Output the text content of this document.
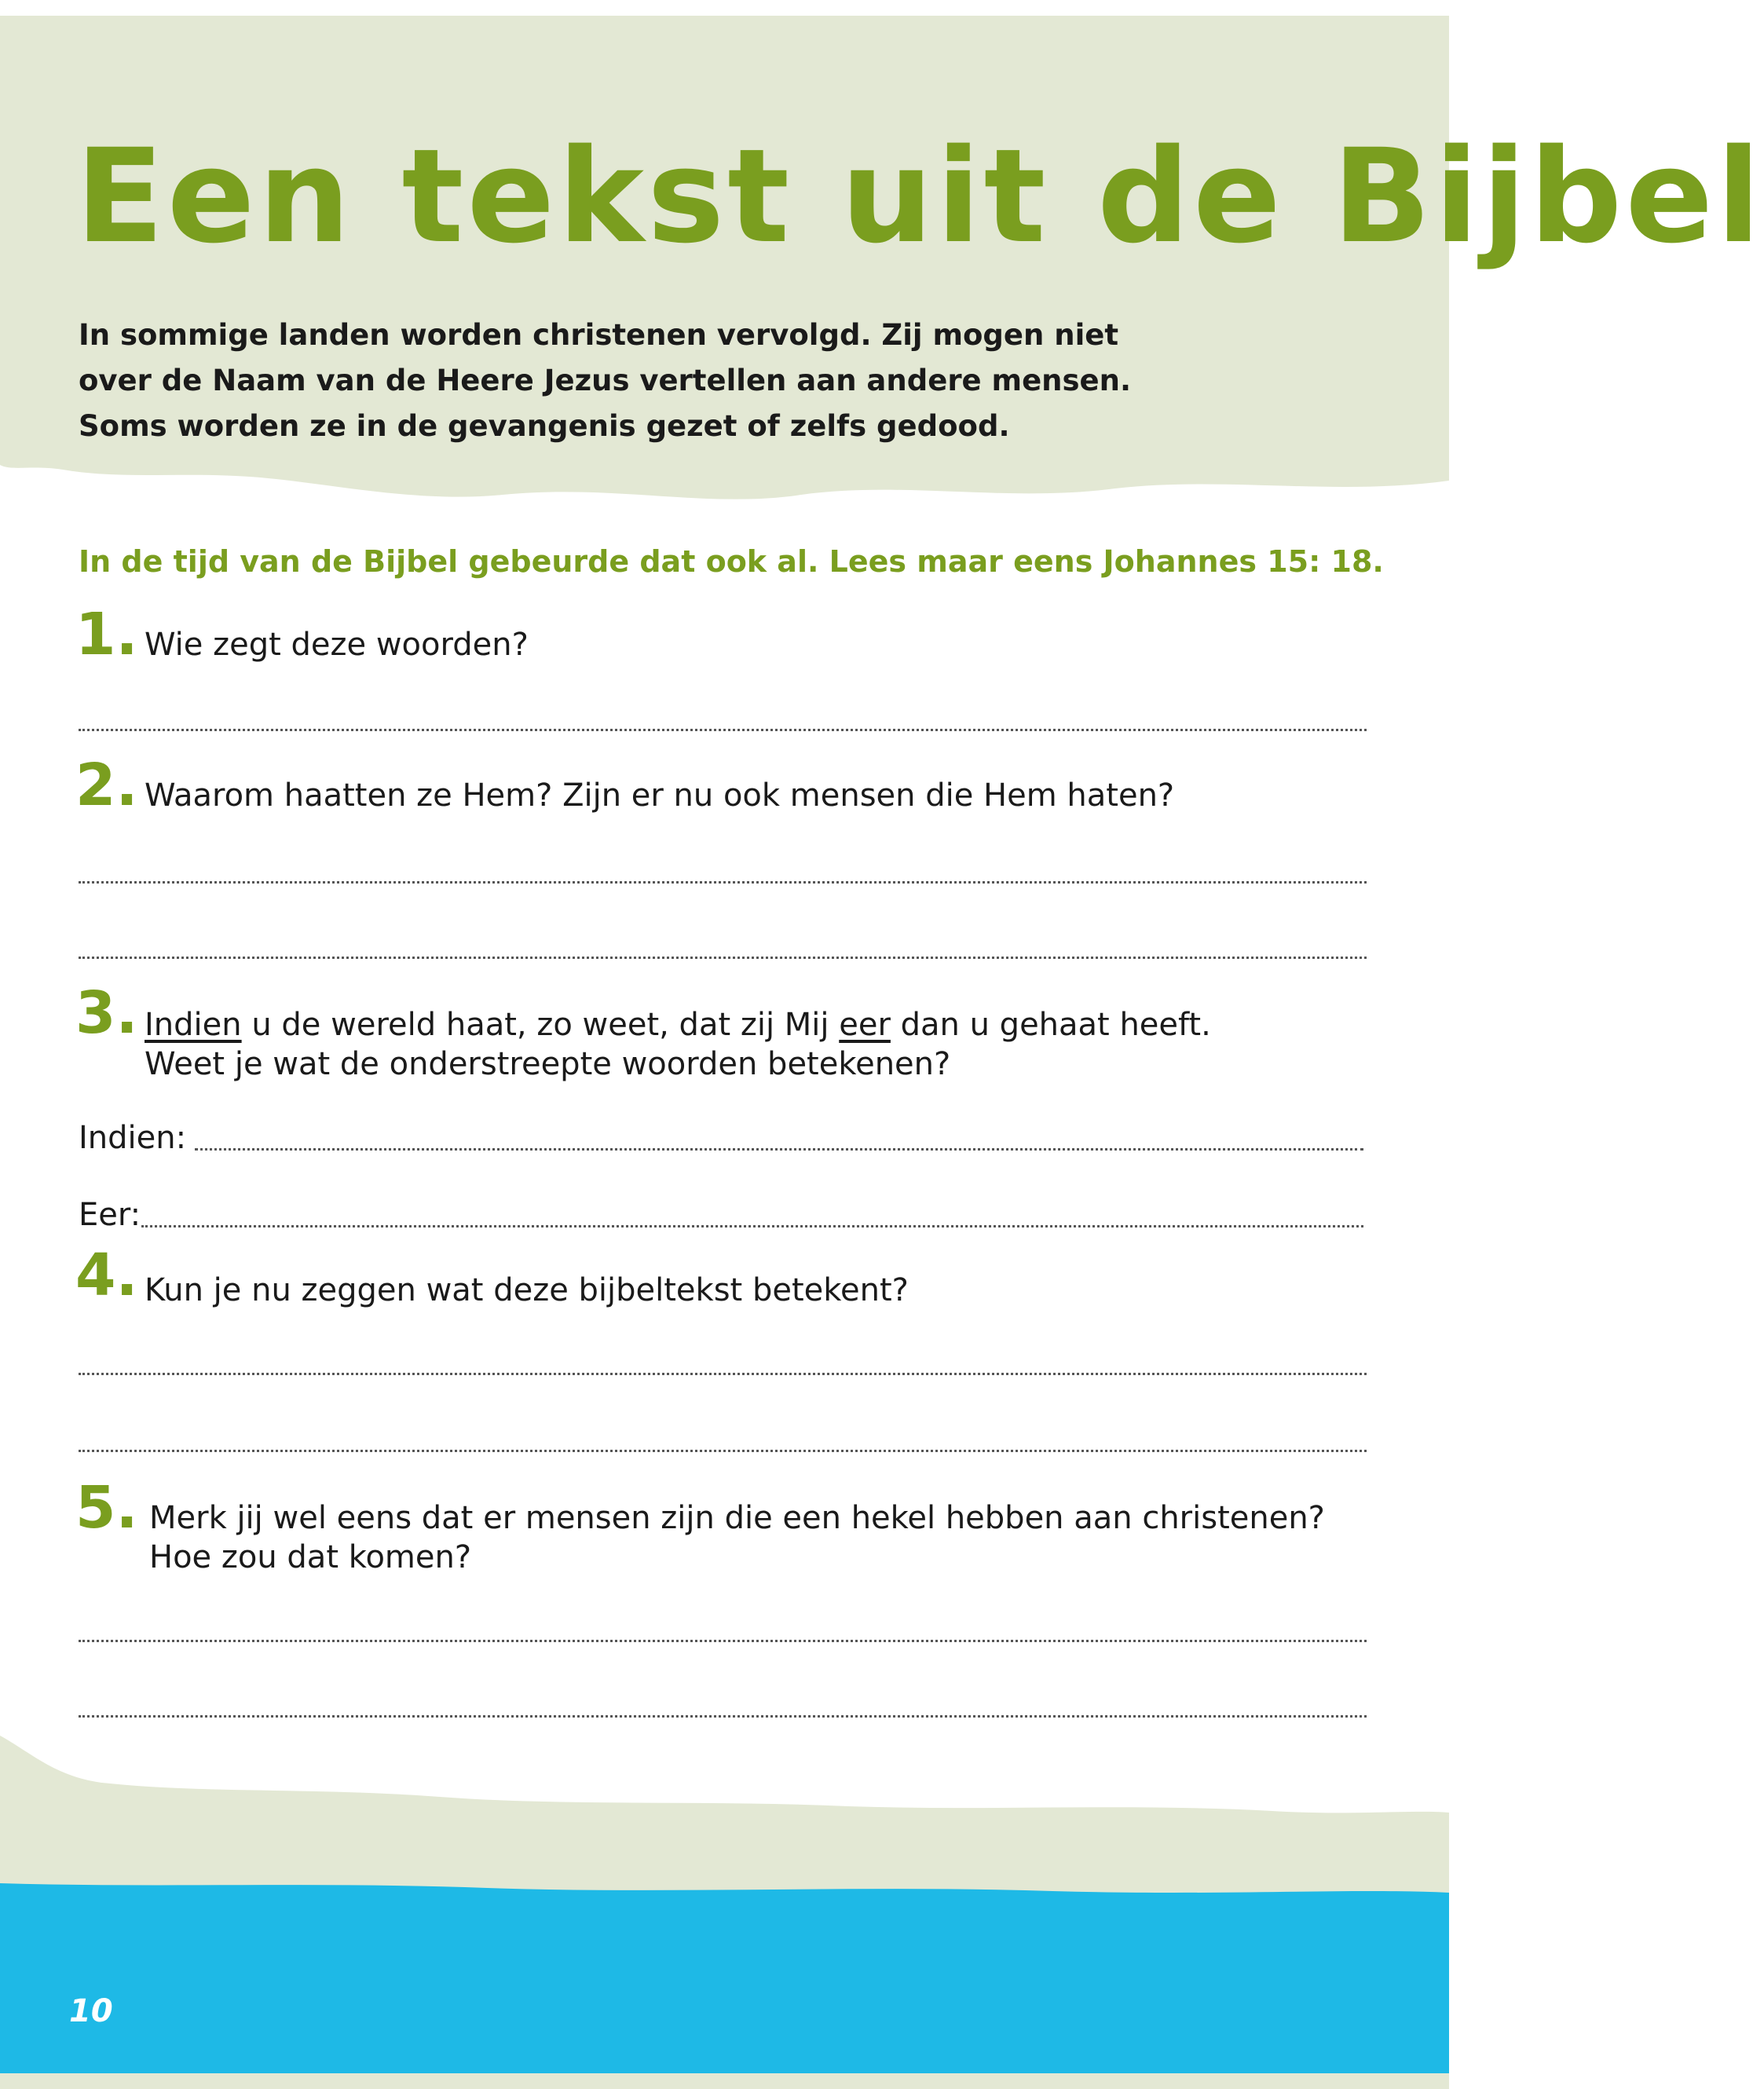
Een tekst uit de Bijbel

In sommige landen worden christenen vervolgd. Zij mogen niet

over de Naam van de Heere Jezus vertellen aan andere mensen.

Soms worden ze in de gevangenis gezet of zelfs gedood.

In de tijd van de Bijbel gebeurde dat ook al. Lees maar eens Johannes 15: 18.
1. Wie zegt deze woorden?
2. Waarom haatten ze Hem? Zijn er nu ook mensen die Hem haten?
3. Indien u de wereld haat, zo weet, dat zij Mij eer dan u gehaat heeft.

Weet je wat de onderstreepte woorden betekenen?

Indien:
Eer:
4. Kun je nu zeggen wat deze bijbeltekst betekent?
5. Merk jij wel eens dat er mensen zijn die een hekel hebben aan christenen?

Hoe zou dat komen?

10
